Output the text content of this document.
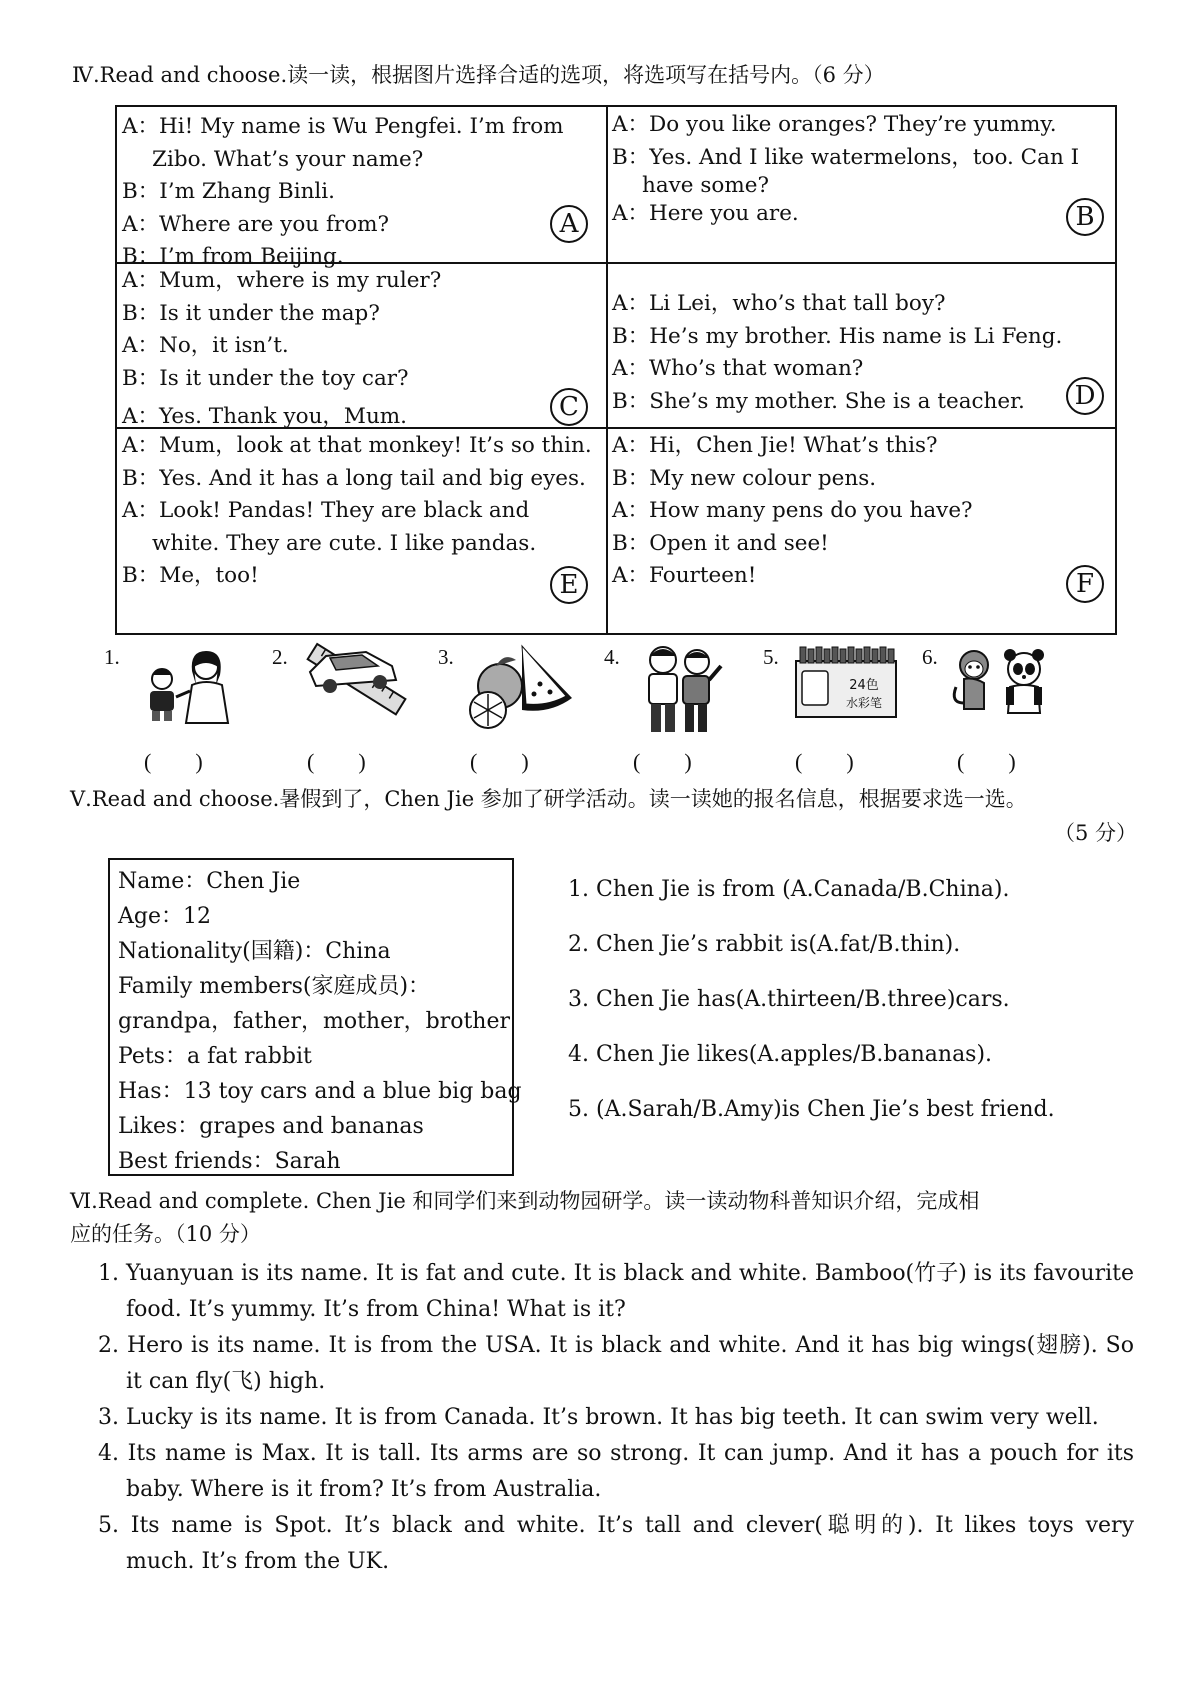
Ⅳ.Read and choose.读一读，根据图片选择合适的选项，将选项写在括号内。（6 分）
A：Hi! My name is Wu Pengfei. I’m from
Zibo. What’s your name?
B：I’m Zhang Binli.
A：Where are you from?
B：I’m from Beijing.
A
A：Do you like oranges? They’re yummy.
B：Yes. And I like watermelons，too. Can I
have some?
A：Here you are.	B
A：Mum，where is my ruler?
B：Is it under the map?
A：No，it isn’t.
B：Is it under the toy car?
A：Yes. Thank you，Mum.	C
A：Li Lei，who’s that tall boy?
B：He’s my brother. His name is Li Feng.
A：Who’s that woman?
B：She’s my mother. She is a teacher.	D
A：Mum，look at that monkey! It’s so thin.
B：Yes. And it has a long tail and big eyes.
A：Look! Pandas! They are black and
white. They are cute. I like pandas.
B：Me，too!	E
A：Hi，Chen Jie! What’s this?
B：My new colour pens.
A：How many pens do you have?
B：Open it and see!
A：Fourteen!	F
1.	2.	3.	4.	5.	6.
24色
水彩笔
(        )	(        )	(        )	(        )	(        )	(        )
Ⅴ.Read and choose.暑假到了，Chen Jie 参加了研学活动。读一读她的报名信息，根据要求选一选。
（5 分）
Name：Chen Jie
Age：12
Nationality(国籍)：China
Family members(家庭成员)：
grandpa，father，mother，brother
Pets：a fat rabbit
Has：13 toy cars and a blue big bag
Likes：grapes and bananas
Best friends：Sarah
1. Chen Jie is from (A.Canada/B.China).
2. Chen Jie’s rabbit is(A.fat/B.thin).
3. Chen Jie has(A.thirteen/B.three)cars.
4. Chen Jie likes(A.apples/B.bananas).
5. (A.Sarah/B.Amy)is Chen Jie’s best friend.
Ⅵ.Read and complete. Chen Jie 和同学们来到动物园研学。读一读动物科普知识介绍，完成相
应的任务。（10 分）
1. Yuanyuan is its name. It is fat and cute. It is black and white. Bamboo(竹子) is its favourite
food. It’s yummy. It’s from China! What is it?
2. Hero is its name. It is from the USA. It is black and white. And it has big wings(翅膀). So
it can fly(飞) high.
3. Lucky is its name. It is from Canada. It’s brown. It has big teeth. It can swim very well.
4. Its name is Max. It is tall. Its arms are so strong. It can jump. And it has a pouch for its
baby. Where is it from? It’s from Australia.
5. Its name is Spot. It’s black and white. It’s tall and clever(聪明的). It likes toys very
much. It’s from the UK.
